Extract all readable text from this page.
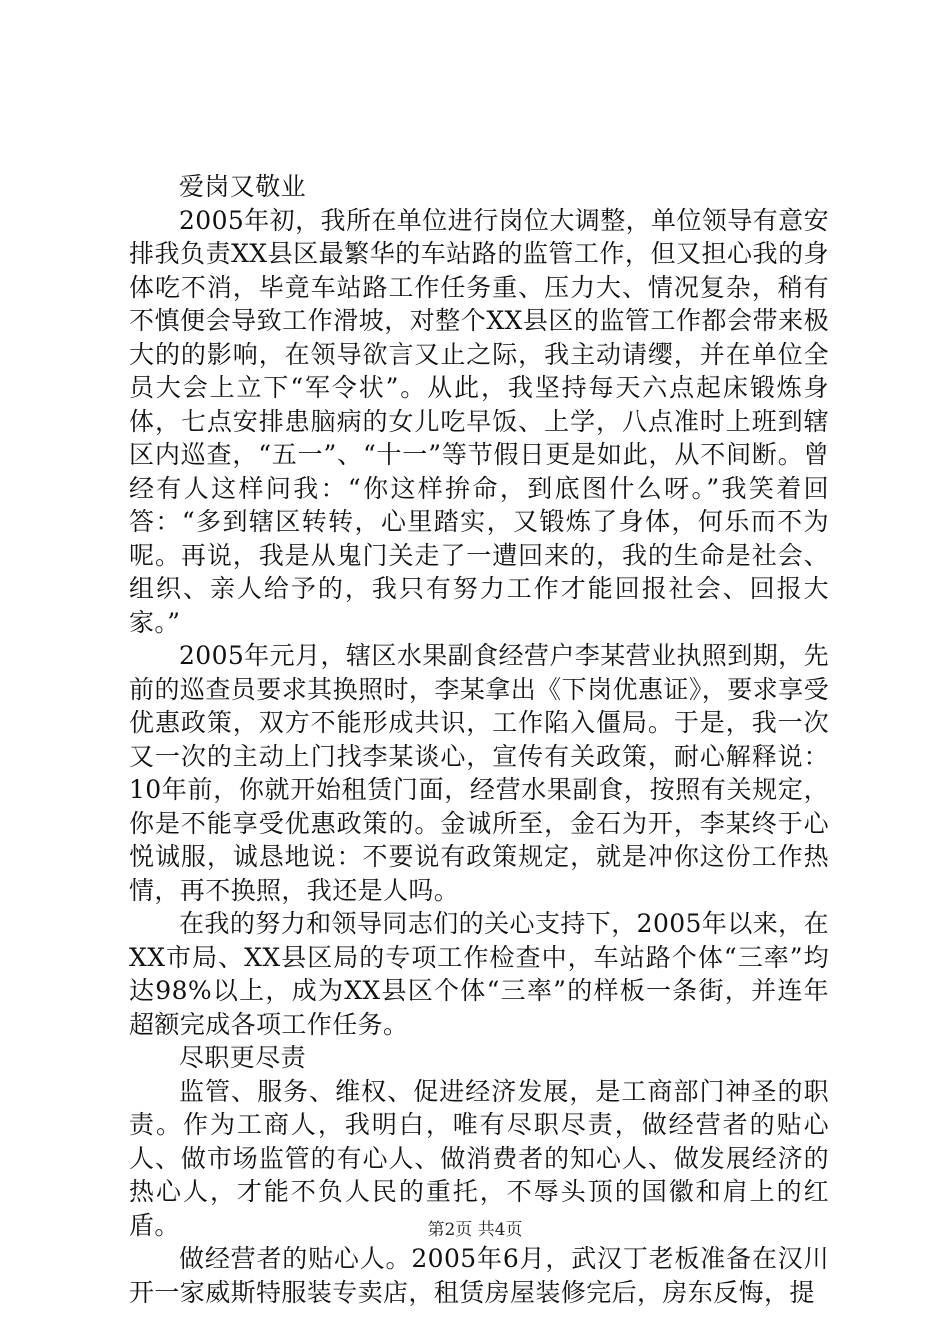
爱岗又敬业

2005年初，我所在单位进行岗位大调整，单位领导有意安排我负责XX县区最繁华的车站路的监管工作，但又担心我的身体吃不消，毕竟车站路工作任务重、压力大、情况复杂，稍有不慎便会导致工作滑坡，对整个XX县区的监管工作都会带来极大的的影响，在领导欲言又止之际，我主动请缨，并在单位全员大会上立下“军令状”。从此，我坚持每天六点起床锻炼身体，七点安排患脑病的女儿吃早饭、上学，八点准时上班到辖区内巡查，“五一”、“十一”等节假日更是如此，从不间断。曾经有人这样问我：“你这样拚命，到底图什么呀。”我笑着回答：“多到辖区转转，心里踏实，又锻炼了身体，何乐而不为呢。再说，我是从鬼门关走了一遭回来的，我的生命是社会、组织、亲人给予的，我只有努力工作才能回报社会、回报大家。”

2005年元月，辖区水果副食经营户李某营业执照到期，先前的巡查员要求其换照时，李某拿出《下岗优惠证》，要求享受优惠政策，双方不能形成共识，工作陷入僵局。于是，我一次又一次的主动上门找李某谈心，宣传有关政策，耐心解释说：10年前，你就开始租赁门面，经营水果副食，按照有关规定，你是不能享受优惠政策的。金诚所至，金石为开，李某终于心悦诚服，诚恳地说：不要说有政策规定，就是冲你这份工作热情，再不换照，我还是人吗。

在我的努力和领导同志们的关心支持下，2005年以来，在XX市局、XX县区局的专项工作检查中，车站路个体“三率”均达98%以上，成为XX县区个体“三率”的样板一条街，并连年超额完成各项工作任务。

尽职更尽责

监管、服务、维权、促进经济发展，是工商部门神圣的职责。作为工商人，我明白，唯有尽职尽责，做经营者的贴心人、做市场监管的有心人、做消费者的知心人、做发展经济的热心人，才能不负人民的重托，不辱头顶的国徽和肩上的红盾。

做经营者的贴心人。2005年6月，武汉丁老板准备在汉川开一家威斯特服装专卖店，租赁房屋装修完后，房东反悔，提

第2页 共4页
